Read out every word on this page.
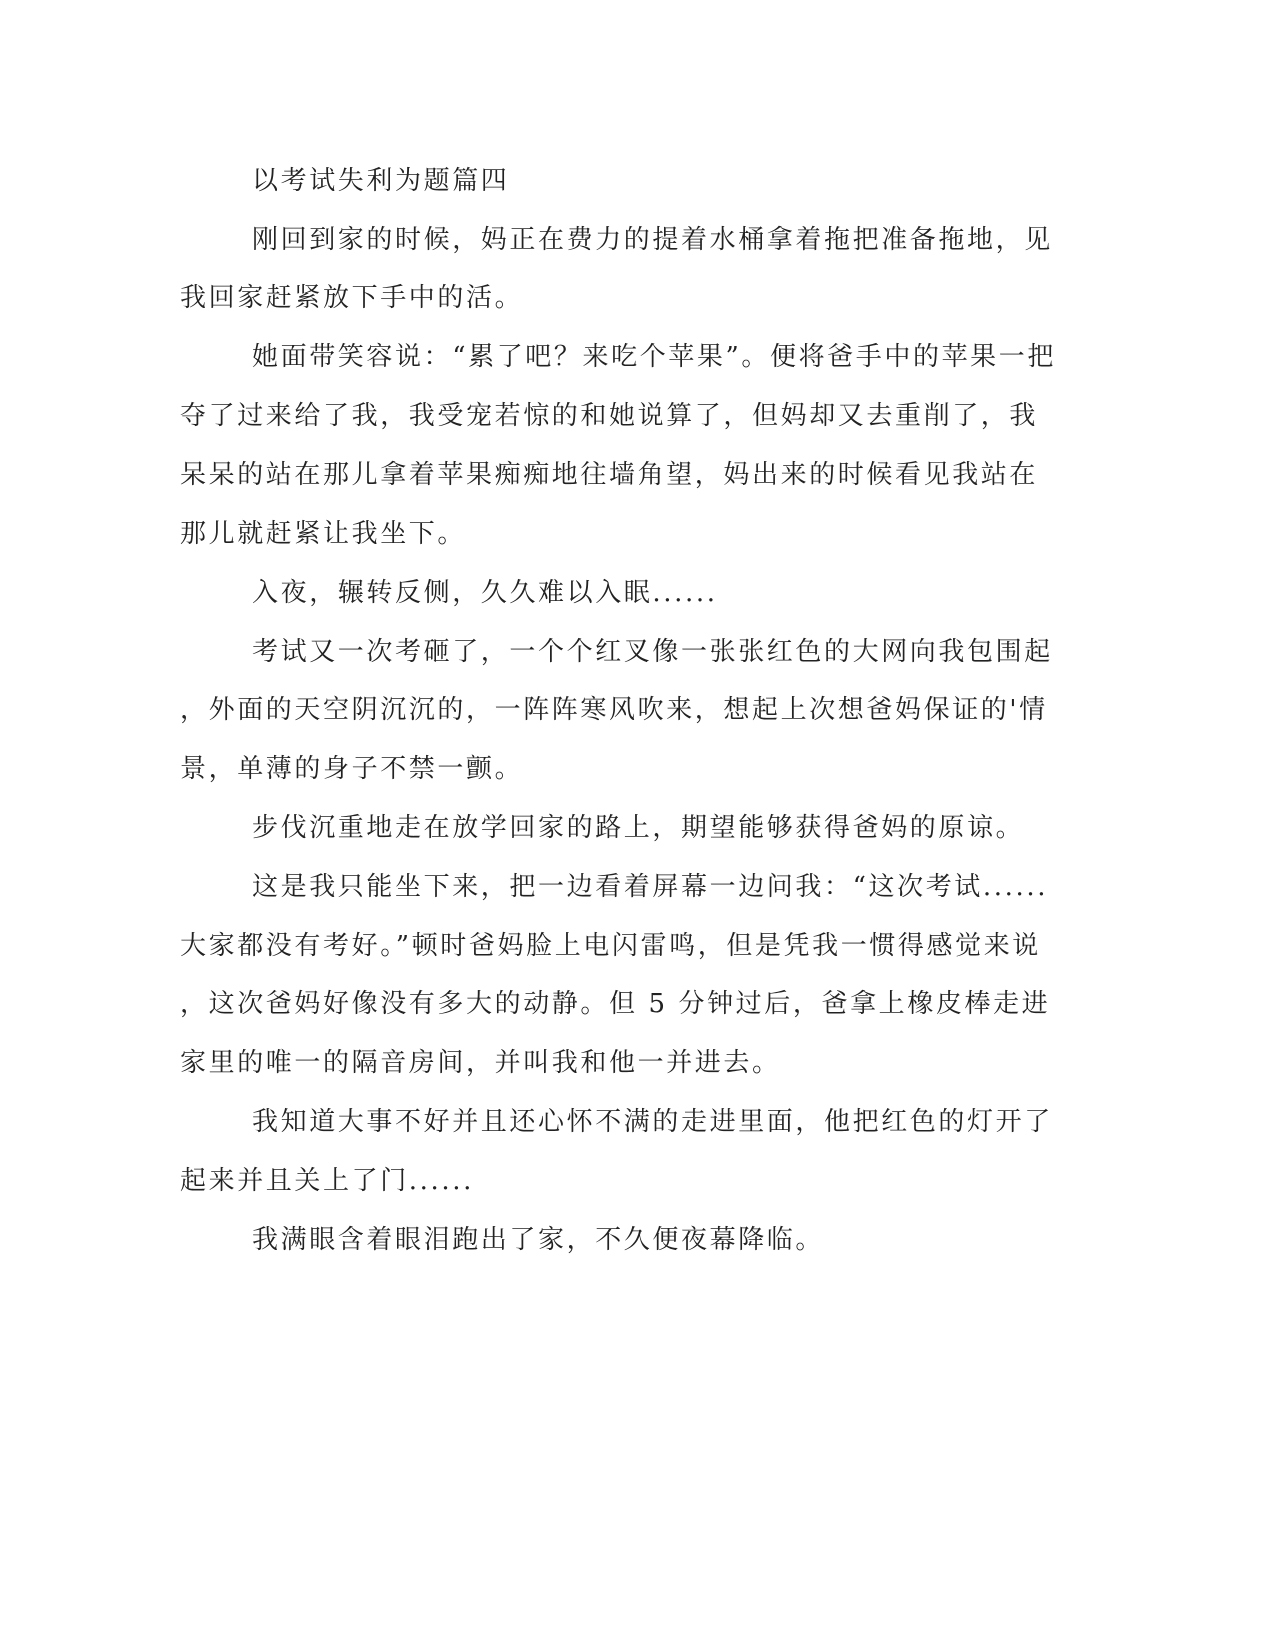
以考试失利为题篇四
刚回到家的时候，妈正在费力的提着水桶拿着拖把准备拖地，见
我回家赶紧放下手中的活。
她面带笑容说：“累了吧？来吃个苹果”。便将爸手中的苹果一把
夺了过来给了我，我受宠若惊的和她说算了，但妈却又去重削了，我
呆呆的站在那儿拿着苹果痴痴地往墙角望，妈出来的时候看见我站在
那儿就赶紧让我坐下。
入夜，辗转反侧，久久难以入眠......
考试又一次考砸了，一个个红叉像一张张红色的大网向我包围起
，外面的天空阴沉沉的，一阵阵寒风吹来，想起上次想爸妈保证的'情
景，单薄的身子不禁一颤。
步伐沉重地走在放学回家的路上，期望能够获得爸妈的原谅。
这是我只能坐下来，把一边看着屏幕一边问我：“这次考试......
大家都没有考好。”顿时爸妈脸上电闪雷鸣，但是凭我一惯得感觉来说
，这次爸妈好像没有多大的动静。但 5 分钟过后，爸拿上橡皮棒走进
家里的唯一的隔音房间，并叫我和他一并进去。
我知道大事不好并且还心怀不满的走进里面，他把红色的灯开了
起来并且关上了门......
我满眼含着眼泪跑出了家，不久便夜幕降临。
